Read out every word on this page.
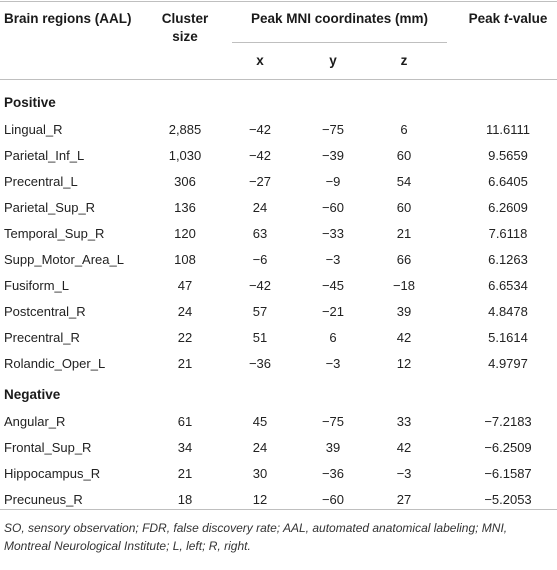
Brain regions (AAL) Cluster
size
Peak MNI coordinates (mm)	Peak t-value
x	y	z
Positive
Lingual_R	2,885	−42	−75	6	11.6111
Parietal_Inf_L	1,030	−42	−39	60	9.5659
Precentral_L	306	−27	−9	54	6.6405
Parietal_Sup_R	136	24	−60	60	6.2609
Temporal_Sup_R	120	63	−33	21	7.6118
Supp_Motor_Area_L	108	−6	−3	66	6.1263
Fusiform_L	47	−42	−45	−18	6.6534
Postcentral_R	24	57	−21	39	4.8478
Precentral_R	22	51	6	42	5.1614
Rolandic_Oper_L	21	−36	−3	12	4.9797
Negative
Angular_R	61	45	−75	33	−7.2183
Frontal_Sup_R	34	24	39	42	−6.2509
Hippocampus_R	21	30	−36	−3	−6.1587
Precuneus_R	18	12	−60	27	−5.2053
SO, sensory observation; FDR, false discovery rate; AAL, automated anatomical labeling; MNI, Montreal Neurological Institute; L, left; R, right.
